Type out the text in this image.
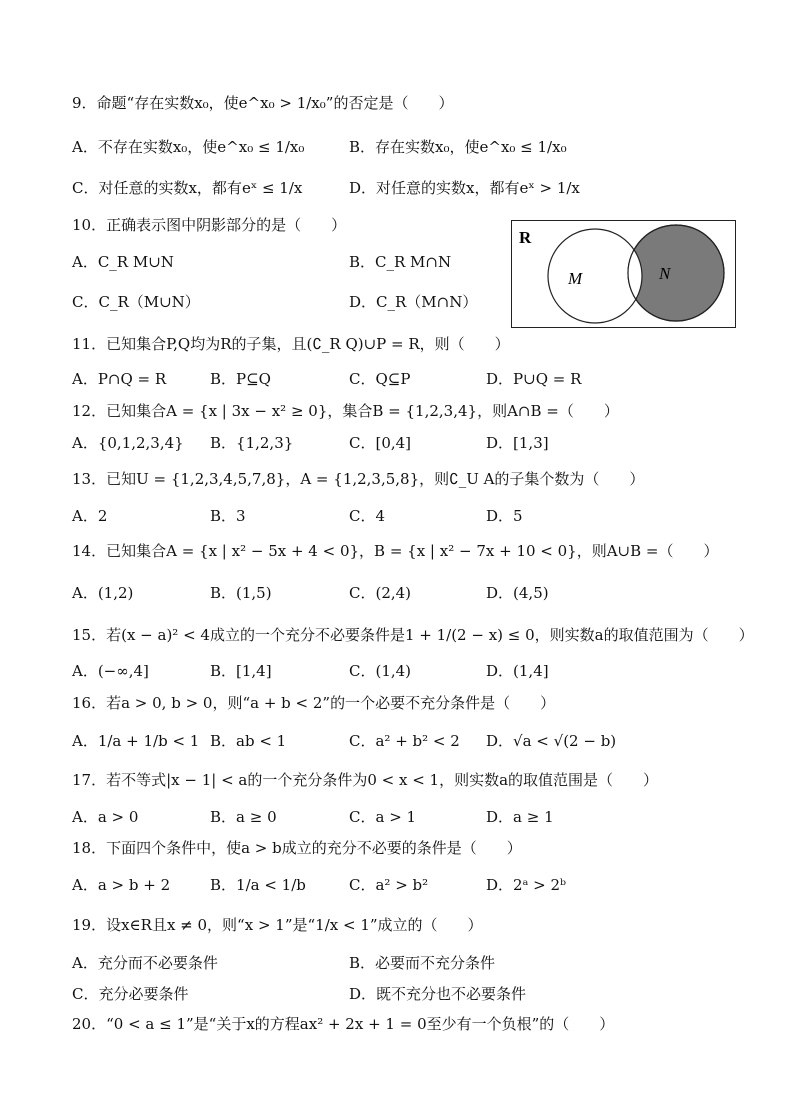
9．命题“存在实数x₀，使e^x₀ > 1/x₀”的否定是（　　）
A．不存在实数x₀，使e^x₀ ≤ 1/x₀	B．存在实数x₀，使e^x₀ ≤ 1/x₀
C．对任意的实数x，都有eˣ ≤ 1/x	D．对任意的实数x，都有eˣ > 1/x
10．正确表示图中阴影部分的是（　　）
A．C_R M∪N	B．C_R M∩N
C．C_R（M∪N）	D．C_R（M∩N）
R
M	N
11．已知集合P,Q均为R的子集，且(∁_R Q)∪P = R，则（　　）
A．P∩Q = R	B．P⊆Q	C．Q⊆P	D．P∪Q = R
12．已知集合A = {x | 3x − x² ≥ 0}，集合B = {1,2,3,4}，则A∩B =（　　）
A．{0,1,2,3,4} B．{1,2,3}	C．[0,4]	D．[1,3]
13．已知U = {1,2,3,4,5,7,8}，A = {1,2,3,5,8}，则∁_U A的子集个数为（　　）
A．2	B．3	C．4	D．5
14．已知集合A = {x | x² − 5x + 4 < 0}，B = {x | x² − 7x + 10 < 0}，则A∪B =（　　）
A．(1,2)	B．(1,5)	C．(2,4)	D．(4,5)
15．若(x − a)² < 4成立的一个充分不必要条件是1 + 1/(2 − x) ≤ 0，则实数a的取值范围为（　　）
A．(−∞,4]	B．[1,4]	C．(1,4)	D．(1,4]
16．若a > 0, b > 0，则“a + b < 2”的一个必要不充分条件是（　　）
A．1/a + 1/b < 1 B．ab < 1	C．a² + b² < 2 D．√a < √(2 − b)
17．若不等式|x − 1| < a的一个充分条件为0 < x < 1，则实数a的取值范围是（　　）
A．a > 0	B．a ≥ 0	C．a > 1	D．a ≥ 1
18．下面四个条件中，使a > b成立的充分不必要的条件是（　　）
A．a > b + 2	B．1/a < 1/b	C．a² > b²	D．2ᵃ > 2ᵇ
19．设x∈R且x ≠ 0，则“x > 1”是“1/x < 1”成立的（　　）
A．充分而不必要条件	B．必要而不充分条件
C．充分必要条件	D．既不充分也不必要条件
20．“0 < a ≤ 1”是“关于x的方程ax² + 2x + 1 = 0至少有一个负根”的（　　）
